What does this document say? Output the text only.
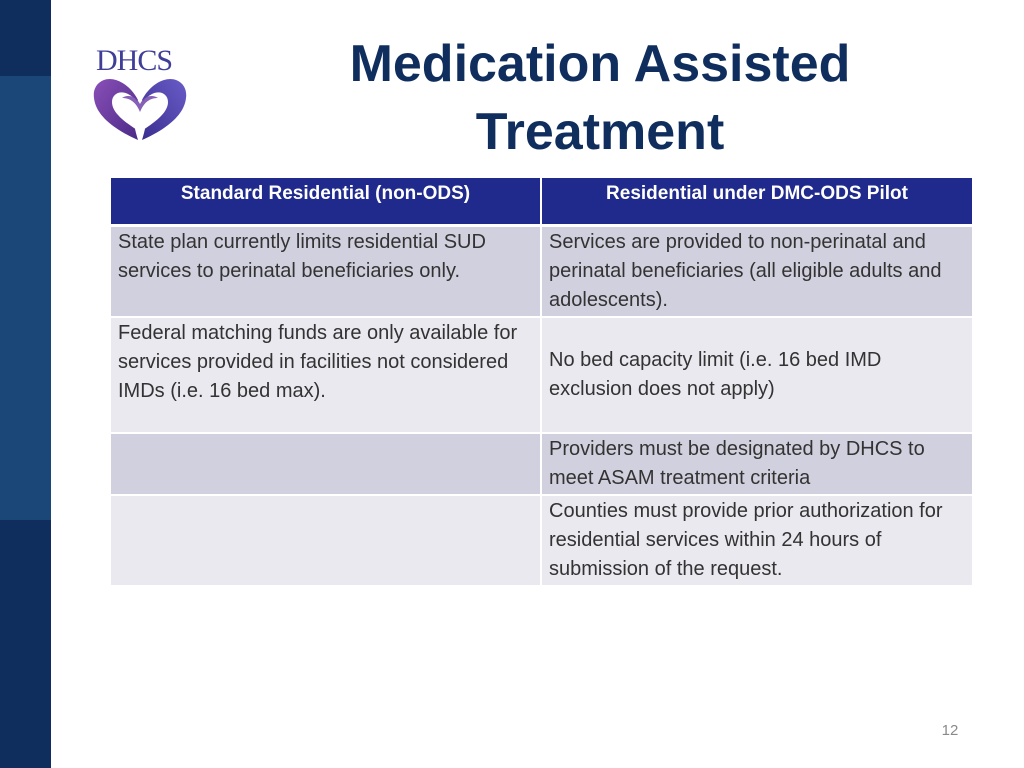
DHCS	Medication Assisted
Treatment
Standard Residential (non-ODS)	Residential under DMC-ODS Pilot
State plan currently limits residential SUD services to perinatal beneficiaries only.	Services are provided to non-perinatal and perinatal beneficiaries (all eligible adults and adolescents).
Federal matching funds are only available for services provided in facilities not considered IMDs (i.e. 16 bed max).	No bed capacity limit (i.e. 16 bed IMD exclusion does not apply)
	Providers must be designated by DHCS to meet ASAM treatment criteria
	Counties must provide prior authorization for residential services within 24 hours of submission of the request.
12
